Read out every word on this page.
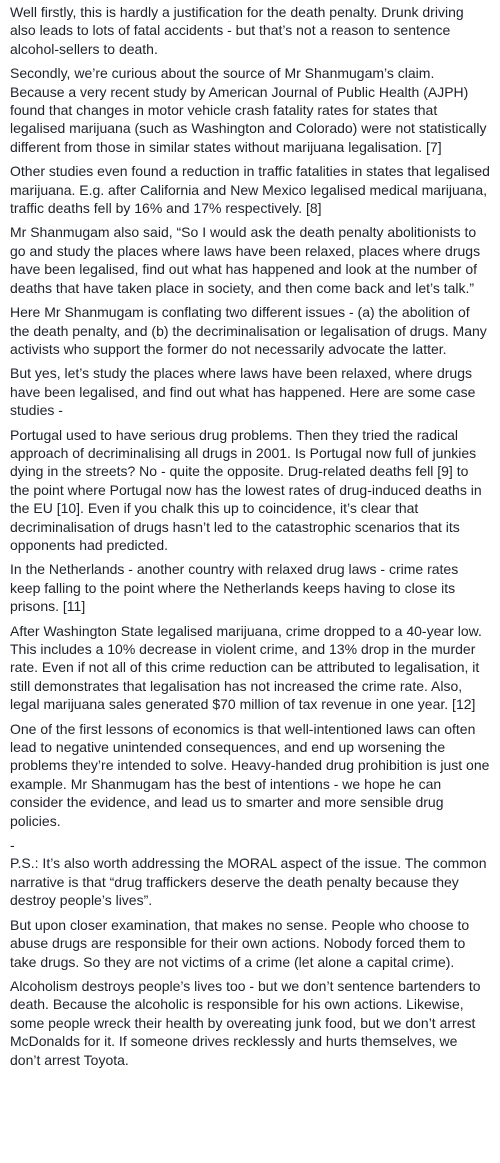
Well firstly, this is hardly a justification for the death penalty. Drunk driving also leads to lots of fatal accidents - but that’s not a reason to sentence alcohol-sellers to death.

Secondly, we’re curious about the source of Mr Shanmugam’s claim. Because a very recent study by American Journal of Public Health (AJPH) found that changes in motor vehicle crash fatality rates for states that legalised marijuana (such as Washington and Colorado) were not statistically different from those in similar states without marijuana legalisation. [7]

Other studies even found a reduction in traffic fatalities in states that legalised marijuana. E.g. after California and New Mexico legalised medical marijuana, traffic deaths fell by 16% and 17% respectively. [8]

Mr Shanmugam also said, “So I would ask the death penalty abolitionists to go and study the places where laws have been relaxed, places where drugs have been legalised, find out what has happened and look at the number of deaths that have taken place in society, and then come back and let’s talk.”

Here Mr Shanmugam is conflating two different issues - (a) the abolition of the death penalty, and (b) the decriminalisation or legalisation of drugs. Many activists who support the former do not necessarily advocate the latter.

But yes, let’s study the places where laws have been relaxed, where drugs have been legalised, and find out what has happened. Here are some case studies -

Portugal used to have serious drug problems. Then they tried the radical approach of decriminalising all drugs in 2001. Is Portugal now full of junkies dying in the streets? No - quite the opposite. Drug-related deaths fell [9] to the point where Portugal now has the lowest rates of drug-induced deaths in the EU [10]. Even if you chalk this up to coincidence, it’s clear that decriminalisation of drugs hasn’t led to the catastrophic scenarios that its opponents had predicted.

In the Netherlands - another country with relaxed drug laws - crime rates keep falling to the point where the Netherlands keeps having to close its prisons. [11]

After Washington State legalised marijuana, crime dropped to a 40-year low. This includes a 10% decrease in violent crime, and 13% drop in the murder rate. Even if not all of this crime reduction can be attributed to legalisation, it still demonstrates that legalisation has not increased the crime rate. Also, legal marijuana sales generated $70 million of tax revenue in one year. [12]

One of the first lessons of economics is that well-intentioned laws can often lead to negative unintended consequences, and end up worsening the problems they’re intended to solve. Heavy-handed drug prohibition is just one example. Mr Shanmugam has the best of intentions - we hope he can consider the evidence, and lead us to smarter and more sensible drug policies.

-

P.S.: It’s also worth addressing the MORAL aspect of the issue. The common narrative is that “drug traffickers deserve the death penalty because they destroy people’s lives”.

But upon closer examination, that makes no sense. People who choose to abuse drugs are responsible for their own actions. Nobody forced them to take drugs. So they are not victims of a crime (let alone a capital crime).

Alcoholism destroys people’s lives too - but we don’t sentence bartenders to death. Because the alcoholic is responsible for his own actions. Likewise, some people wreck their health by overeating junk food, but we don’t arrest McDonalds for it. If someone drives recklessly and hurts themselves, we don’t arrest Toyota.
